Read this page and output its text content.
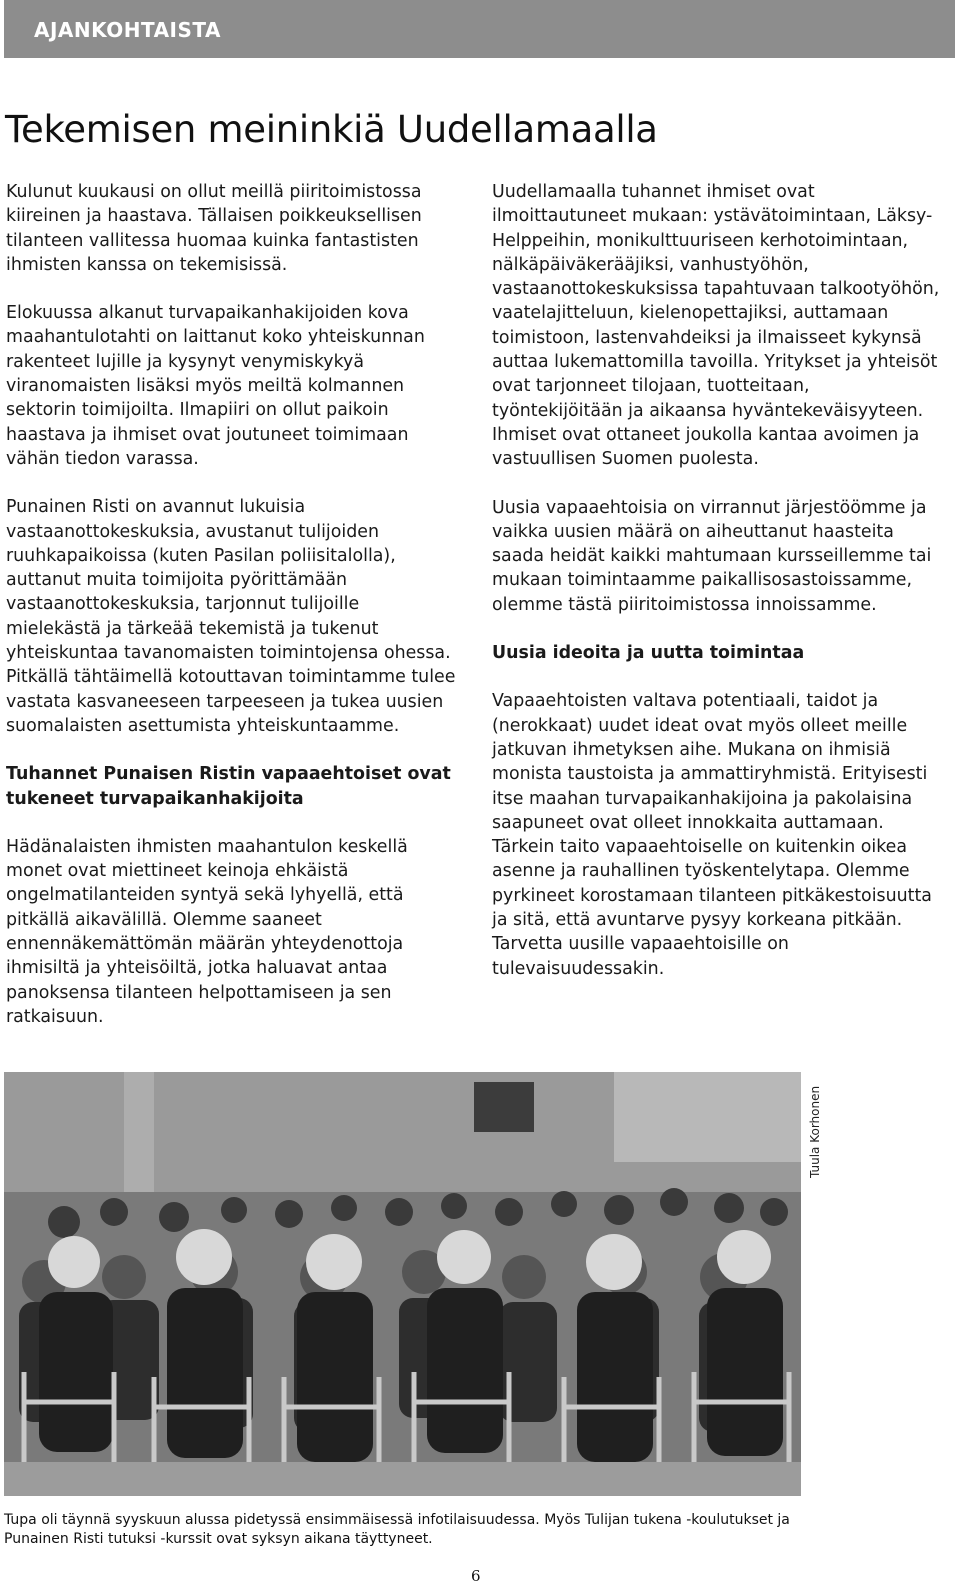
AJANKOHTAISTA
Tekemisen meininkiä Uudellamaalla

Kulunut kuukausi on ollut meillä piiritoimistossa kiireinen ja haastava. Tällaisen poikkeuksellisen tilanteen vallitessa huomaa kuinka fantastisten ihmisten kanssa on tekemisissä.

Elokuussa alkanut turvapaikanhakijoiden kova maahantulotahti on laittanut koko yhteiskunnan rakenteet lujille ja kysynyt venymiskykyä viranomaisten lisäksi myös meiltä kolmannen sektorin toimijoilta. Ilmapiiri on ollut paikoin haastava ja ihmiset ovat joutuneet toimimaan vähän tiedon varassa.

Punainen Risti on avannut lukuisia vastaanottokeskuksia, avustanut tulijoiden ruuhkapaikoissa (kuten Pasilan poliisitalolla), auttanut muita toimijoita pyörittämään vastaanottokeskuksia, tarjonnut tulijoille mielekästä ja tärkeää tekemistä ja tukenut yhteiskuntaa tavanomaisten toimintojensa ohessa. Pitkällä tähtäimellä kotouttavan toimintamme tulee vastata kasvaneeseen tarpeeseen ja tukea uusien suomalaisten asettumista yhteiskuntaamme.

Tuhannet Punaisen Ristin vapaaehtoiset ovat tukeneet turvapaikanhakijoita

Hädänalaisten ihmisten maahantulon keskellä monet ovat miettineet keinoja ehkäistä ongelmatilanteiden syntyä sekä lyhyellä, että pitkällä aikavälillä. Olemme saaneet ennennäkemättömän määrän yhteydenottoja ihmisiltä ja yhteisöiltä, jotka haluavat antaa panoksensa tilanteen helpottamiseen ja sen ratkaisuun.

Uudellamaalla tuhannet ihmiset ovat ilmoittautuneet mukaan: ystävätoimintaan, Läksy-Helppeihin, monikulttuuriseen kerhotoimintaan, nälkäpäiväkerääjiksi, vanhustyöhön, vastaanottokeskuksissa tapahtuvaan talkootyöhön, vaatelajitteluun, kielenopettajiksi, auttamaan toimistoon, lastenvahdeiksi ja ilmaisseet kykynsä auttaa lukemattomilla tavoilla. Yritykset ja yhteisöt ovat tarjonneet tilojaan, tuotteitaan, työntekijöitään ja aikaansa hyväntekeväisyyteen. Ihmiset ovat ottaneet joukolla kantaa avoimen ja vastuullisen Suomen puolesta.

Uusia vapaaehtoisia on virrannut järjestöömme ja vaikka uusien määrä on aiheuttanut haasteita saada heidät kaikki mahtumaan kursseillemme tai mukaan toimintaamme paikallisosastoissamme, olemme tästä piiritoimistossa innoissamme.

Uusia ideoita ja uutta toimintaa

Vapaaehtoisten valtava potentiaali, taidot ja (nerokkaat) uudet ideat ovat myös olleet meille jatkuvan ihmetyksen aihe. Mukana on ihmisiä monista taustoista ja ammattiryhmistä. Erityisesti itse maahan turvapaikanhakijoina ja pakolaisina saapuneet ovat olleet innokkaita auttamaan. Tärkein taito vapaaehtoiselle on kuitenkin oikea asenne ja rauhallinen työskentelytapa. Olemme pyrkineet korostamaan tilanteen pitkäkestoisuutta ja sitä, että avuntarve pysyy korkeana pitkään. Tarvetta uusille vapaaehtoisille on tulevaisuudessakin.

Tuula Korhonen
Tupa oli täynnä syyskuun alussa pidetyssä ensimmäisessä infotilaisuudessa. Myös Tulijan tukena -koulutukset ja Punainen Risti tutuksi -kurssit ovat syksyn aikana täyttyneet.
6
